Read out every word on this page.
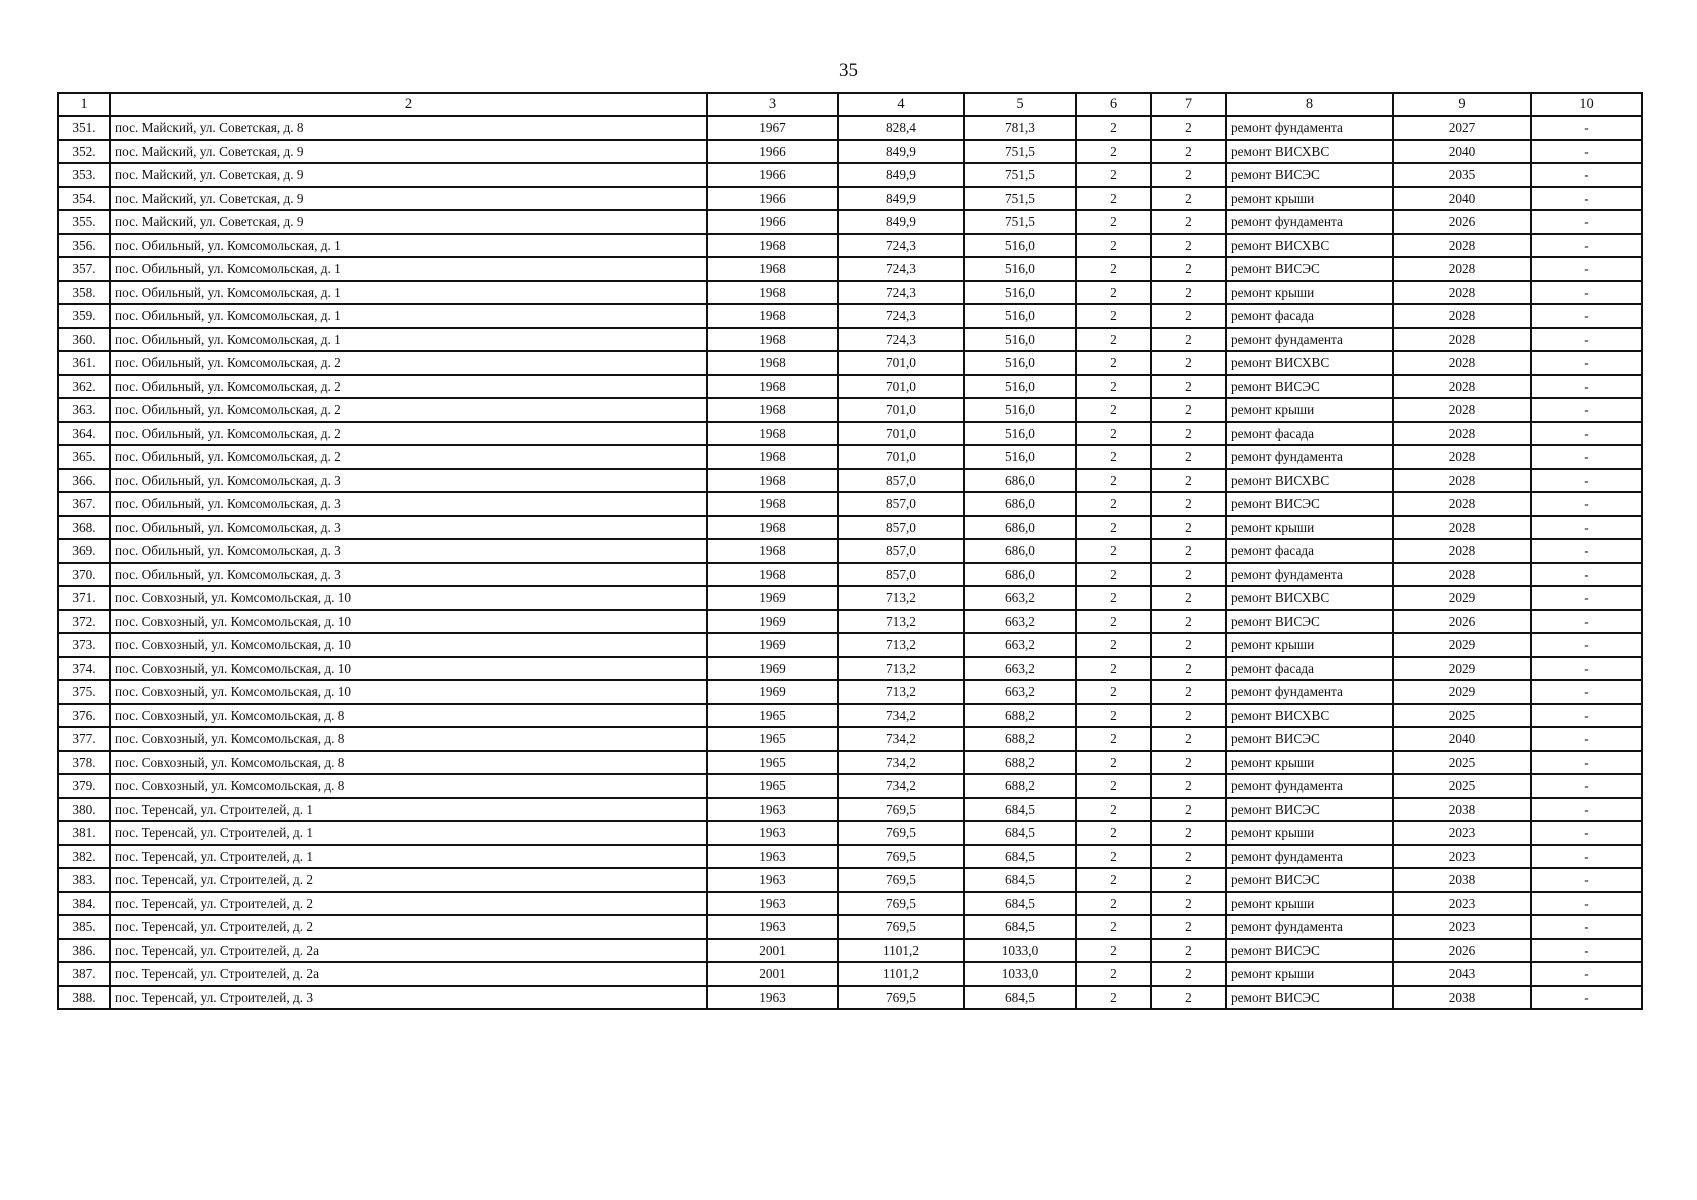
35
1	2	3	4	5	6	7	8	9	10
351.	пос. Майский, ул. Советская, д. 8	1967	828,4	781,3	2	2	ремонт фундамента	2027	-
352.	пос. Майский, ул. Советская, д. 9	1966	849,9	751,5	2	2	ремонт ВИСХВС	2040	-
353.	пос. Майский, ул. Советская, д. 9	1966	849,9	751,5	2	2	ремонт ВИСЭС	2035	-
354.	пос. Майский, ул. Советская, д. 9	1966	849,9	751,5	2	2	ремонт крыши	2040	-
355.	пос. Майский, ул. Советская, д. 9	1966	849,9	751,5	2	2	ремонт фундамента	2026	-
356.	пос. Обильный, ул. Комсомольская, д. 1	1968	724,3	516,0	2	2	ремонт ВИСХВС	2028	-
357.	пос. Обильный, ул. Комсомольская, д. 1	1968	724,3	516,0	2	2	ремонт ВИСЭС	2028	-
358.	пос. Обильный, ул. Комсомольская, д. 1	1968	724,3	516,0	2	2	ремонт крыши	2028	-
359.	пос. Обильный, ул. Комсомольская, д. 1	1968	724,3	516,0	2	2	ремонт фасада	2028	-
360.	пос. Обильный, ул. Комсомольская, д. 1	1968	724,3	516,0	2	2	ремонт фундамента	2028	-
361.	пос. Обильный, ул. Комсомольская, д. 2	1968	701,0	516,0	2	2	ремонт ВИСХВС	2028	-
362.	пос. Обильный, ул. Комсомольская, д. 2	1968	701,0	516,0	2	2	ремонт ВИСЭС	2028	-
363.	пос. Обильный, ул. Комсомольская, д. 2	1968	701,0	516,0	2	2	ремонт крыши	2028	-
364.	пос. Обильный, ул. Комсомольская, д. 2	1968	701,0	516,0	2	2	ремонт фасада	2028	-
365.	пос. Обильный, ул. Комсомольская, д. 2	1968	701,0	516,0	2	2	ремонт фундамента	2028	-
366.	пос. Обильный, ул. Комсомольская, д. 3	1968	857,0	686,0	2	2	ремонт ВИСХВС	2028	-
367.	пос. Обильный, ул. Комсомольская, д. 3	1968	857,0	686,0	2	2	ремонт ВИСЭС	2028	-
368.	пос. Обильный, ул. Комсомольская, д. 3	1968	857,0	686,0	2	2	ремонт крыши	2028	-
369.	пос. Обильный, ул. Комсомольская, д. 3	1968	857,0	686,0	2	2	ремонт фасада	2028	-
370.	пос. Обильный, ул. Комсомольская, д. 3	1968	857,0	686,0	2	2	ремонт фундамента	2028	-
371.	пос. Совхозный, ул. Комсомольская, д. 10	1969	713,2	663,2	2	2	ремонт ВИСХВС	2029	-
372.	пос. Совхозный, ул. Комсомольская, д. 10	1969	713,2	663,2	2	2	ремонт ВИСЭС	2026	-
373.	пос. Совхозный, ул. Комсомольская, д. 10	1969	713,2	663,2	2	2	ремонт крыши	2029	-
374.	пос. Совхозный, ул. Комсомольская, д. 10	1969	713,2	663,2	2	2	ремонт фасада	2029	-
375.	пос. Совхозный, ул. Комсомольская, д. 10	1969	713,2	663,2	2	2	ремонт фундамента	2029	-
376.	пос. Совхозный, ул. Комсомольская, д. 8	1965	734,2	688,2	2	2	ремонт ВИСХВС	2025	-
377.	пос. Совхозный, ул. Комсомольская, д. 8	1965	734,2	688,2	2	2	ремонт ВИСЭС	2040	-
378.	пос. Совхозный, ул. Комсомольская, д. 8	1965	734,2	688,2	2	2	ремонт крыши	2025	-
379.	пос. Совхозный, ул. Комсомольская, д. 8	1965	734,2	688,2	2	2	ремонт фундамента	2025	-
380.	пос. Теренсай, ул. Строителей, д. 1	1963	769,5	684,5	2	2	ремонт ВИСЭС	2038	-
381.	пос. Теренсай, ул. Строителей, д. 1	1963	769,5	684,5	2	2	ремонт крыши	2023	-
382.	пос. Теренсай, ул. Строителей, д. 1	1963	769,5	684,5	2	2	ремонт фундамента	2023	-
383.	пос. Теренсай, ул. Строителей, д. 2	1963	769,5	684,5	2	2	ремонт ВИСЭС	2038	-
384.	пос. Теренсай, ул. Строителей, д. 2	1963	769,5	684,5	2	2	ремонт крыши	2023	-
385.	пос. Теренсай, ул. Строителей, д. 2	1963	769,5	684,5	2	2	ремонт фундамента	2023	-
386.	пос. Теренсай, ул. Строителей, д. 2а	2001	1101,2	1033,0	2	2	ремонт ВИСЭС	2026	-
387.	пос. Теренсай, ул. Строителей, д. 2а	2001	1101,2	1033,0	2	2	ремонт крыши	2043	-
388.	пос. Теренсай, ул. Строителей, д. 3	1963	769,5	684,5	2	2	ремонт ВИСЭС	2038	-
